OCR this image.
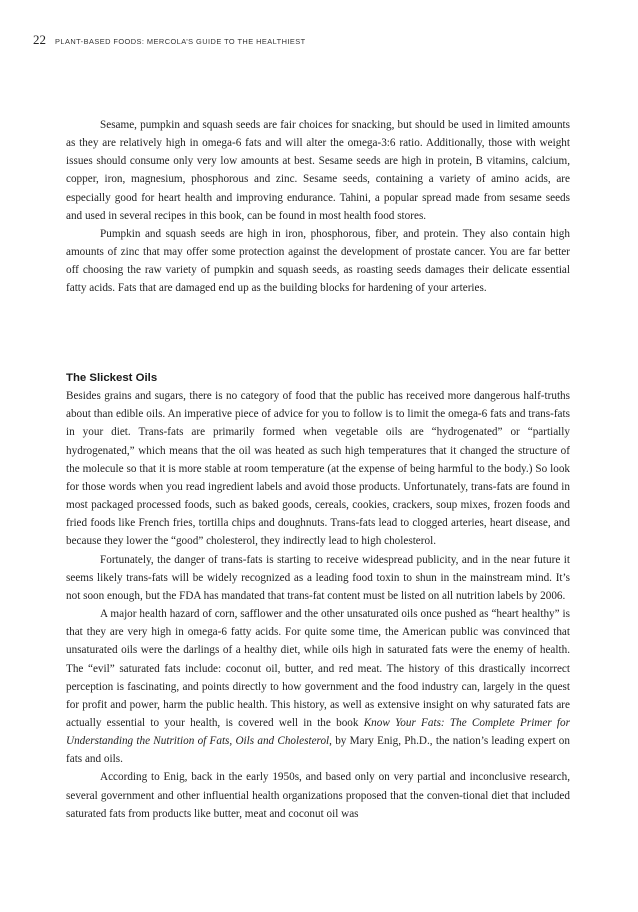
22 PLANT-BASED FOODS: MERCOLA’S GUIDE TO THE HEALTHIEST

Sesame, pumpkin and squash seeds are fair choices for snacking, but should be used in limited amounts as they are relatively high in omega-6 fats and will alter the omega-3:6 ratio. Additionally, those with weight issues should consume only very low amounts at best. Sesame seeds are high in protein, B vitamins, calcium, copper, iron, magnesium, phosphorous and zinc. Sesame seeds, containing a variety of amino acids, are especially good for heart health and improving endurance. Tahini, a popular spread made from sesame seeds and used in several recipes in this book, can be found in most health food stores.

Pumpkin and squash seeds are high in iron, phosphorous, fiber, and protein. They also contain high amounts of zinc that may offer some protection against the development of prostate cancer. You are far better off choosing the raw variety of pumpkin and squash seeds, as roasting seeds damages their delicate essential fatty acids. Fats that are damaged end up as the building blocks for hardening of your arteries.

The Slickest Oils

Besides grains and sugars, there is no category of food that the public has received more dangerous half-truths about than edible oils. An imperative piece of advice for you to follow is to limit the omega-6 fats and trans-fats in your diet. Trans-fats are primarily formed when vegetable oils are “hydrogenated” or “partially hydrogenated,” which means that the oil was heated as such high temperatures that it changed the structure of the molecule so that it is more stable at room temperature (at the expense of being harmful to the body.) So look for those words when you read ingredient labels and avoid those products. Unfortunately, trans-fats are found in most packaged processed foods, such as baked goods, cereals, cookies, crackers, soup mixes, frozen foods and fried foods like French fries, tortilla chips and doughnuts. Trans-fats lead to clogged arteries, heart disease, and because they lower the “good” cholesterol, they indirectly lead to high cholesterol.

Fortunately, the danger of trans-fats is starting to receive widespread publicity, and in the near future it seems likely trans-fats will be widely recognized as a leading food toxin to shun in the mainstream mind. It’s not soon enough, but the FDA has mandated that trans-fat content must be listed on all nutrition labels by 2006.

A major health hazard of corn, safflower and the other unsaturated oils once pushed as “heart healthy” is that they are very high in omega-6 fatty acids. For quite some time, the American public was convinced that unsaturated oils were the darlings of a healthy diet, while oils high in saturated fats were the enemy of health. The “evil” saturated fats include: coconut oil, butter, and red meat. The history of this drastically incorrect perception is fascinating, and points directly to how government and the food industry can, largely in the quest for profit and power, harm the public health. This history, as well as extensive insight on why saturated fats are actually essential to your health, is covered well in the book Know Your Fats: The Complete Primer for Understanding the Nutrition of Fats, Oils and Cholesterol, by Mary Enig, Ph.D., the nation’s leading expert on fats and oils.

According to Enig, back in the early 1950s, and based only on very partial and inconclusive research, several government and other influential health organizations proposed that the conven-tional diet that included saturated fats from products like butter, meat and coconut oil was
